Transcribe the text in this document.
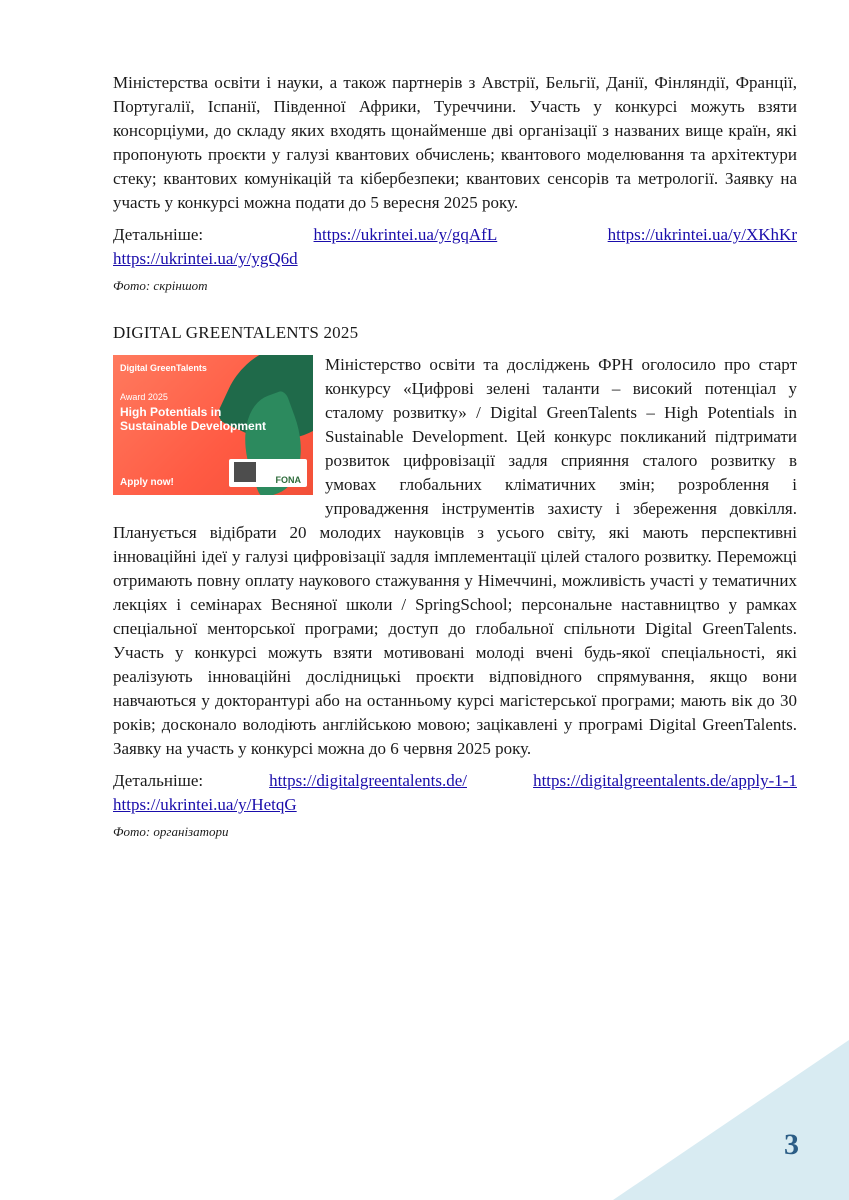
Міністерства освіти і науки, а також партнерів з Австрії, Бельгії, Данії, Фінляндії, Франції, Португалії, Іспанії, Південної Африки, Туреччини. Участь у конкурсі можуть взяти консорціуми, до складу яких входять щонайменше дві організації з названих вище країн, які пропонують проєкти у галузі квантових обчислень; квантового моделювання та архітектури стеку; квантових комунікацій та кібербезпеки; квантових сенсорів та метрології. Заявку на участь у конкурсі можна подати до 5 вересня 2025 року.

Детальніше:	https://ukrintei.ua/y/gqAfL	https://ukrintei.ua/y/XKhKr
https://ukrintei.ua/y/ygQ6d
Фото: скріншот
DIGITAL GREENTALENTS 2025
Digital GreenTalents
Award 2025
High Potentials in Sustainable Development
Apply now!	FONA

Міністерство освіти та досліджень ФРН оголосило про старт конкурсу «Цифрові зелені таланти – високий потенціал у сталому розвитку» / Digital GreenTalents – High Potentials in Sustainable Development. Цей конкурс покликаний підтримати розвиток цифровізації задля сприяння сталого розвитку в умовах глобальних кліматичних змін; розроблення і упровадження інструментів захисту і збереження довкілля. Планується відібрати 20 молодих науковців з усього світу, які мають перспективні інноваційні ідеї у галузі цифровізації задля імплементації цілей сталого розвитку. Переможці отримають повну оплату наукового стажування у Німеччині, можливість участі у тематичних лекціях і семінарах Весняної школи / SpringSchool; персональне наставництво у рамках спеціальної менторської програми; доступ до глобальної спільноти Digital GreenTalents. Участь у конкурсі можуть взяти мотивовані молоді вчені будь-якої спеціальності, які реалізують інноваційні дослідницькі проєкти відповідного спрямування, якщо вони навчаються у докторантурі або на останньому курсі магістерської програми; мають вік до 30 років; досконало володіють англійською мовою; зацікавлені у програмі Digital GreenTalents. Заявку на участь у конкурсі можна до 6 червня 2025 року.

Детальніше:	https://digitalgreentalents.de/	https://digitalgreentalents.de/apply-1-1
https://ukrintei.ua/y/HetqG
Фото: організатори
3
